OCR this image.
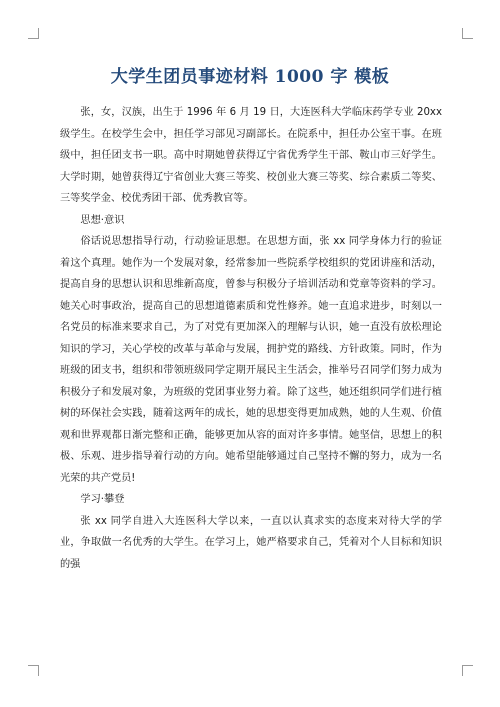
大学生团员事迹材料 1000 字 模板

张，女，汉族，出生于 1996 年 6 月 19 日，大连医科大学临床药学专业 20xx 级学生。在校学生会中，担任学习部见习副部长。在院系中，担任办公室干事。在班级中，担任团支书一职。高中时期她曾获得辽宁省优秀学生干部、鞍山市三好学生。大学时期，她曾获得辽宁省创业大赛三等奖、校创业大赛三等奖、综合素质二等奖、三等奖学金、校优秀团干部、优秀教官等。

思想·意识

俗话说思想指导行动，行动验证思想。在思想方面，张 xx 同学身体力行的验证着这个真理。她作为一个发展对象，经常参加一些院系学校组织的党团讲座和活动，提高自身的思想认识和思维新高度，曾参与积极分子培训活动和党章等资料的学习。她关心时事政治，提高自己的思想道德素质和党性修养。她一直追求进步，时刻以一名党员的标准来要求自己，为了对党有更加深入的理解与认识，她一直没有放松理论知识的学习，关心学校的改革与革命与发展，拥护党的路线、方针政策。同时，作为班级的团支书，组织和带领班级同学定期开展民主生活会，推举号召同学们努力成为积极分子和发展对象，为班级的党团事业努力着。除了这些，她还组织同学们进行植树的环保社会实践，随着这两年的成长，她的思想变得更加成熟，她的人生观、价值观和世界观都日渐完整和正确，能够更加从容的面对许多事情。她坚信，思想上的积极、乐观、进步指导着行动的方向。她希望能够通过自己坚持不懈的努力，成为一名光荣的共产党员!

学习·攀登

张 xx 同学自进入大连医科大学以来，一直以认真求实的态度来对待大学的学业，争取做一名优秀的大学生。在学习上，她严格要求自己，凭着对个人目标和知识的强
